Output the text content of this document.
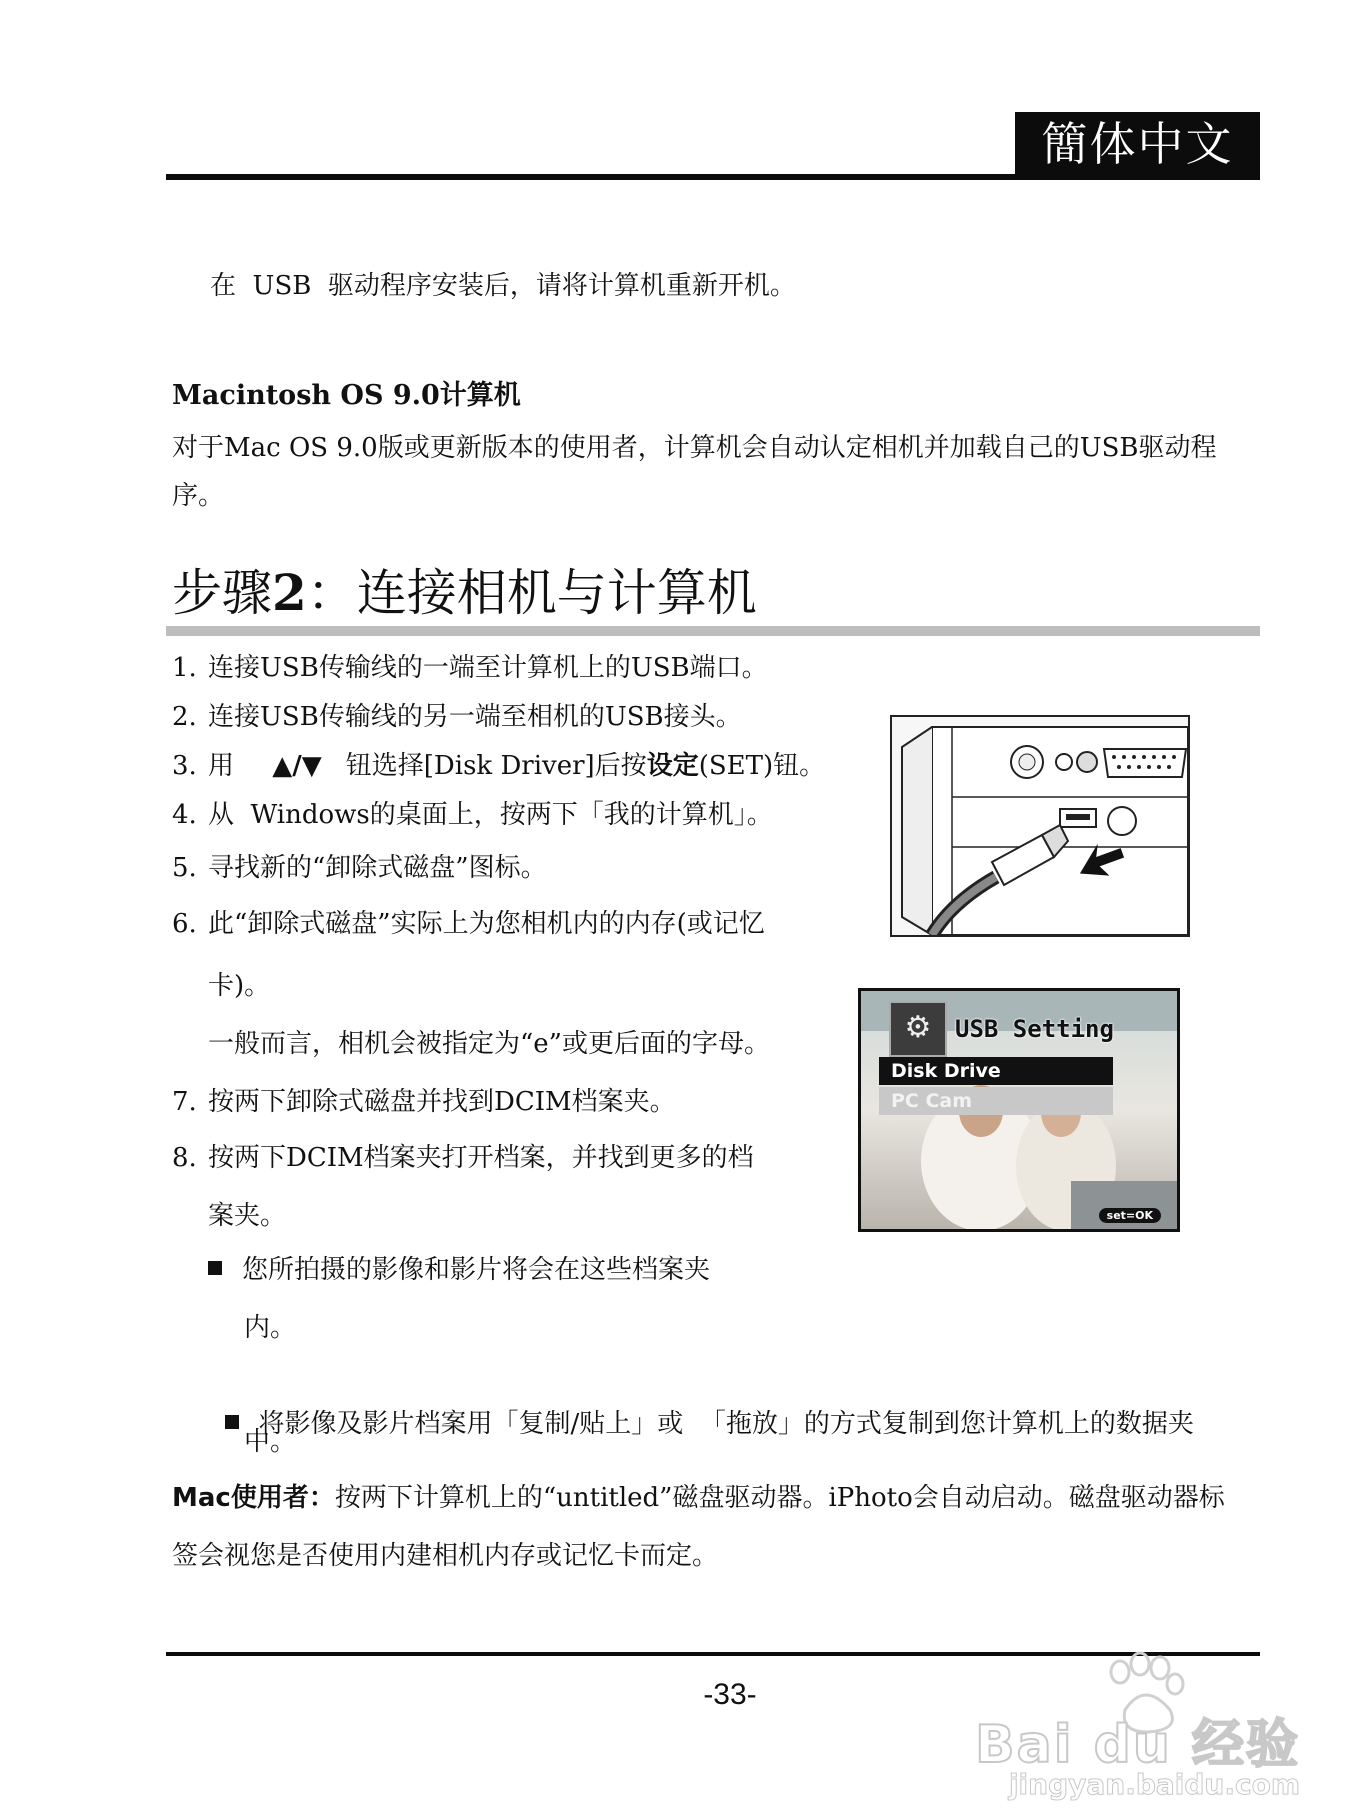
簡体中文
在  USB  驱动程序安装后，请将计算机重新开机。
Macintosh OS 9.0计算机
对于Mac OS 9.0版或更新版本的使用者，计算机会自动认定相机并加载自己的USB驱动程
序。
步骤2：连接相机与计算机
1. 连接USB传输线的一端至计算机上的USB端口。
2. 连接USB传输线的另一端至相机的USB接头。
3. 用 ▲/▼ 钮选择[Disk Driver]后按设定(SET)钮。
4. 从  Windows的桌面上，按两下「我的计算机」。
5. 寻找新的“卸除式磁盘”图标。
6. 此“卸除式磁盘”实际上为您相机内的内存(或记忆
卡)。
一般而言，相机会被指定为“e”或更后面的字母。
7. 按两下卸除式磁盘并找到DCIM档案夹。
8. 按两下DCIM档案夹打开档案，并找到更多的档
案夹。
您所拍摄的影像和影片将会在这些档案夹
内。

将影像及影片档案用「复制/贴上」或  「拖放」的方式复制到您计算机上的数据夹

中。
Mac使用者：按两下计算机上的“untitled”磁盘驱动器。iPhoto会自动启动。磁盘驱动器标
签会视您是否使用内建相机内存或记忆卡而定。
⚙ USB Setting
Disk Drive
PC Cam
set=OK
-33-
Bai du 经验
jingyan.baidu.com
